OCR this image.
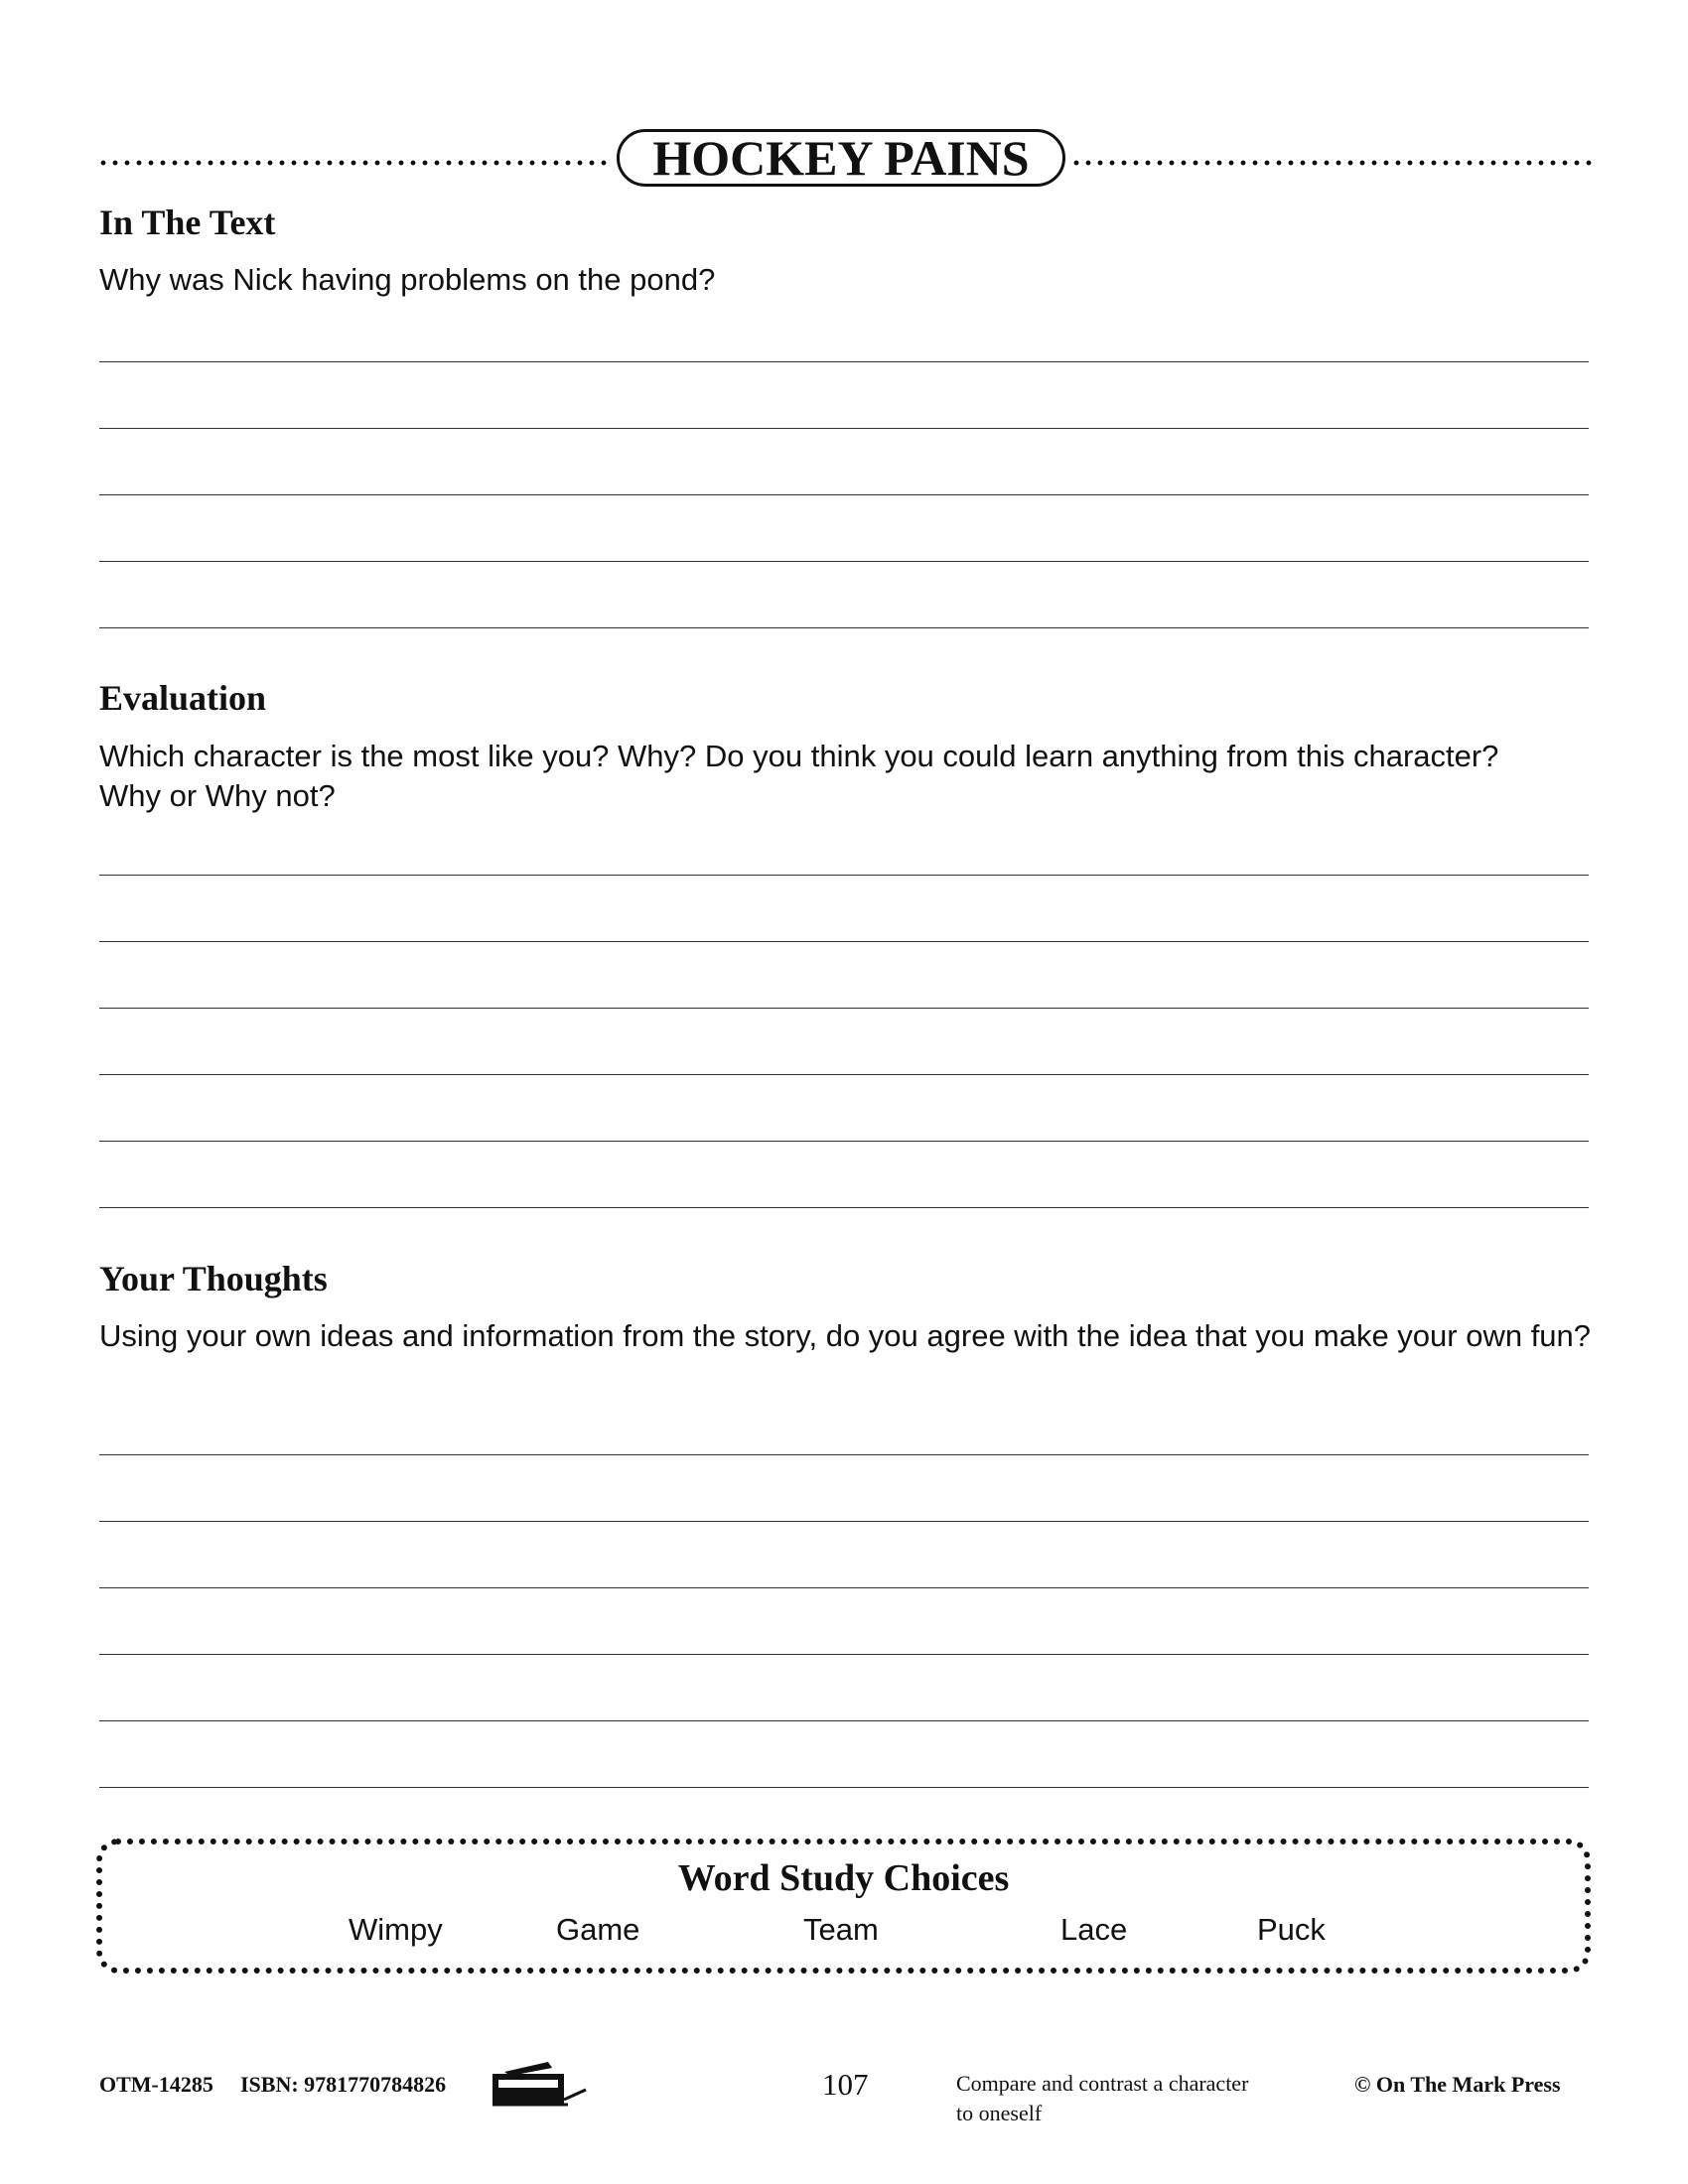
HOCKEY PAINS
In The Text
Why was Nick having problems on the pond?
Evaluation
Which character is the most like you? Why? Do you think you could learn anything from this character? Why or Why not?
Your Thoughts
Using your own ideas and information from the story, do you agree with the idea that you make your own fun?
Word Study Choices
Wimpy	Game	Team	Lace	Puck
OTM-14285 ISBN: 9781770784826	107	Compare and contrast a character to oneself
© On The Mark Press
